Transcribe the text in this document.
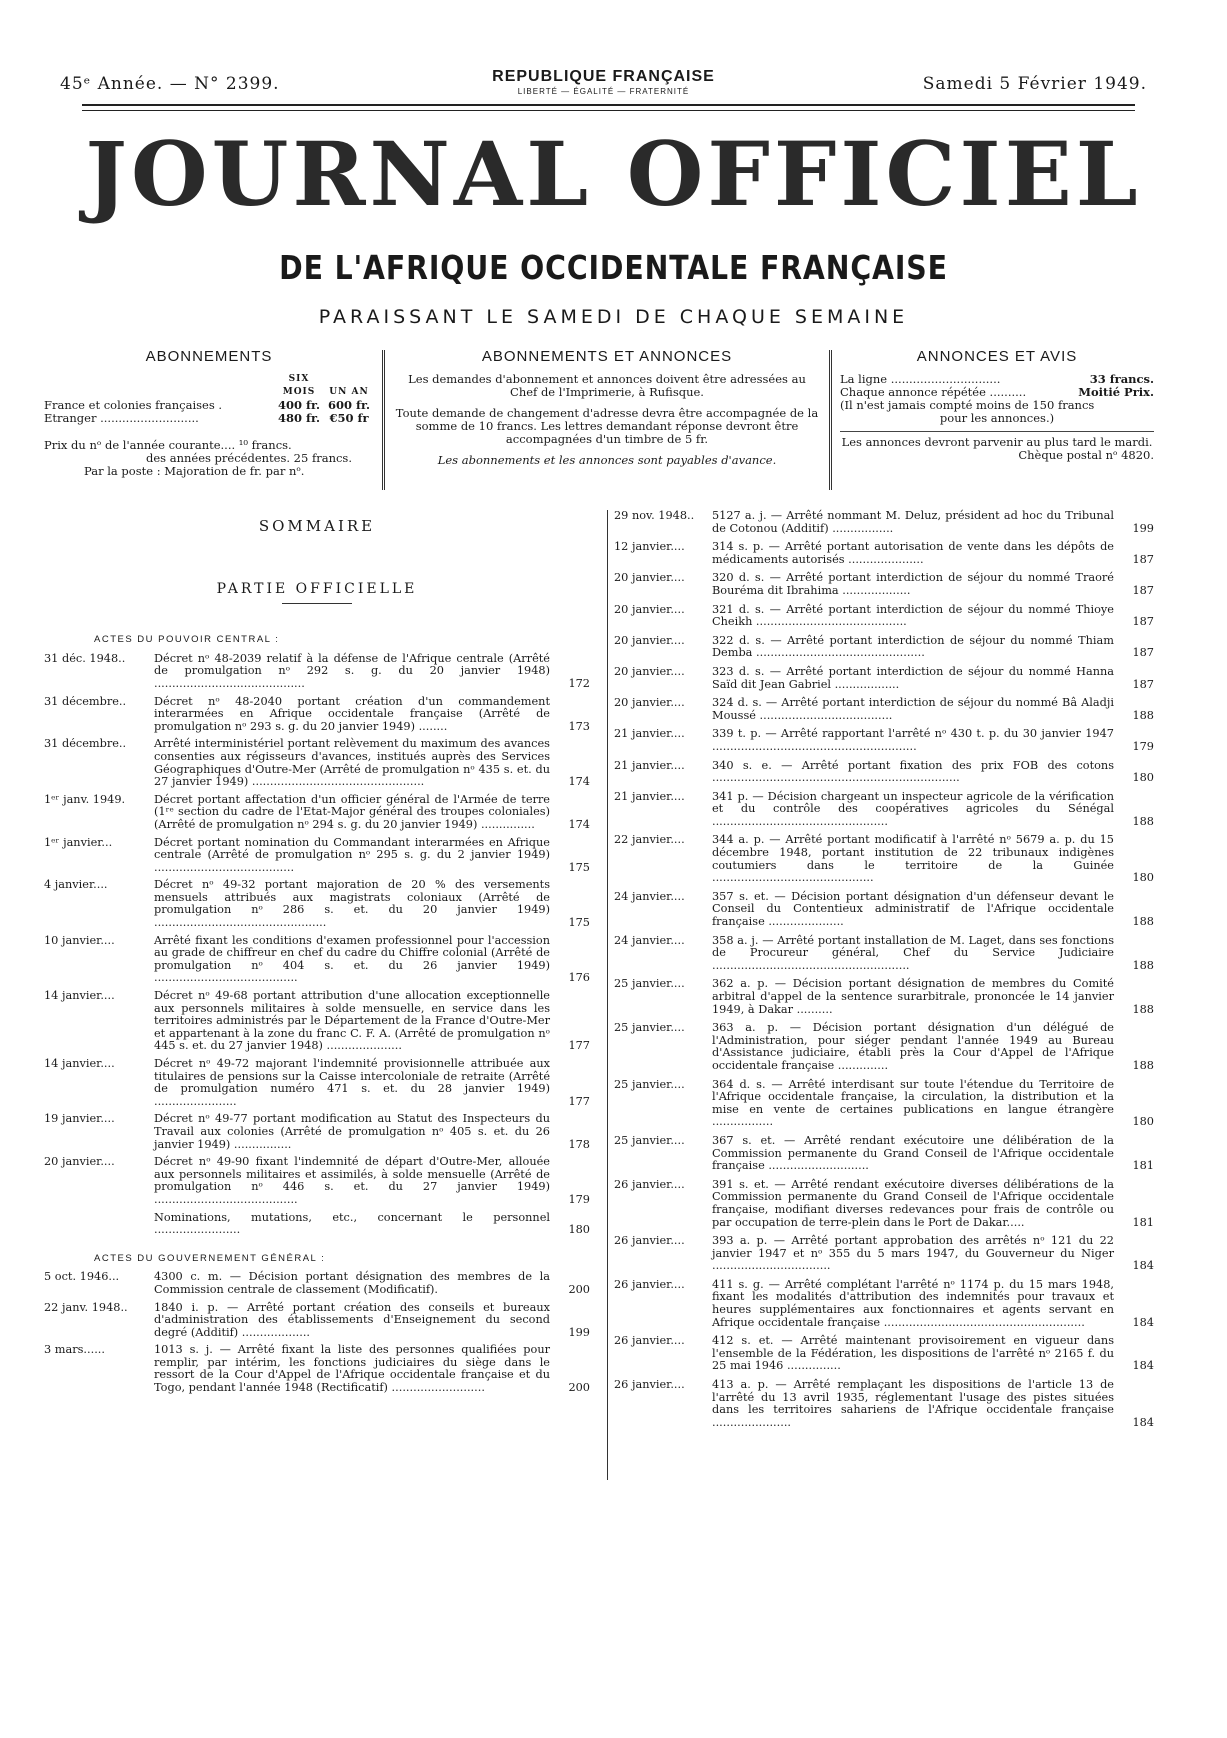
45ᵉ Année. — N° 2399.	REPUBLIQUE FRANÇAISE
LIBERTÉ — ÉGALITÉ — FRATERNITÉ	Samedi 5 Février 1949.
JOURNAL OFFICIEL
DE L'AFRIQUE OCCIDENTALE FRANÇAISE
PARAISSANT LE SAMEDI DE CHAQUE SEMAINE
ABONNEMENTS
SIX MOIS UN AN
France et colonies françaises .	400 fr. 600 fr.
Etranger ...........................	480 fr. €50 fr
Prix du nᵒ de l'année courante.... ¹⁰ francs.
des années précédentes. 25 francs.
Par la poste : Majoration de fr. par nᵒ.
ABONNEMENTS ET ANNONCES

Les demandes d'abonnement et annonces doivent être adressées au Chef de l'Imprimerie, à Rufisque.

Toute demande de changement d'adresse devra être accompagnée de la somme de 10 francs. Les lettres demandant réponse devront être accompagnées d'un timbre de 5 fr.

Les abonnements et les annonces sont payables d'avance.

ANNONCES ET AVIS
La ligne ..............................	33 francs.
Chaque annonce répétée ..........	Moitié Prix.
(Il n'est jamais compté moins de 150 francs
pour les annonces.)
Les annonces devront parvenir au plus tard le mardi.
Chèque postal nᵒ 4820.
SOMMAIRE
PARTIE OFFICIELLE
ACTES DU POUVOIR CENTRAL :
31 déc. 1948..	Décret nᵒ 48-2039 relatif à la défense de l'Afrique centrale (Arrêté de promulgation nᵒ 292 s. g. du 20 janvier 1948) ..........................................	172
31 décembre..	Décret nᵒ 48-2040 portant création d'un commandement interarmées en Afrique occidentale française (Arrêté de promulgation nᵒ 293 s. g. du 20 janvier 1949) ........	173
31 décembre..	Arrêté interministériel portant relèvement du maximum des avances consenties aux régisseurs d'avances, institués auprès des Services Géographiques d'Outre-Mer (Arrêté de promulgation nᵒ 435 s. et. du 27 janvier 1949) ................................................	174
1ᵉʳ janv. 1949.	Décret portant affectation d'un officier général de l'Armée de terre (1ʳᵉ section du cadre de l'Etat-Major général des troupes coloniales) (Arrêté de promulgation nᵒ 294 s. g. du 20 janvier 1949) ...............	174
1ᵉʳ janvier...	Décret portant nomination du Commandant interarmées en Afrique centrale (Arrêté de promulgation nᵒ 295 s. g. du 2 janvier 1949) .......................................	175
4 janvier....	Décret nᵒ 49-32 portant majoration de 20 % des versements mensuels attribués aux magistrats coloniaux (Arrêté de promulgation nᵒ 286 s. et. du 20 janvier 1949) ................................................	175
10 janvier....	Arrêté fixant les conditions d'examen professionnel pour l'accession au grade de chiffreur en chef du cadre du Chiffre colonial (Arrêté de promulgation nᵒ 404 s. et. du 26 janvier 1949) ........................................	176
14 janvier....	Décret nᵒ 49-68 portant attribution d'une allocation exceptionnelle aux personnels militaires à solde mensuelle, en service dans les territoires administrés par le Département de la France d'Outre-Mer et appartenant à la zone du franc C. F. A. (Arrêté de promulgation nᵒ 445 s. et. du 27 janvier 1948) .....................	177
14 janvier....	Décret nᵒ 49-72 majorant l'indemnité provisionnelle attribuée aux titulaires de pensions sur la Caisse intercoloniale de retraite (Arrêté de promulgation numéro 471 s. et. du 28 janvier 1949) .......................	177
19 janvier....	Décret nᵒ 49-77 portant modification au Statut des Inspecteurs du Travail aux colonies (Arrêté de promulgation nᵒ 405 s. et. du 26 janvier 1949) ................	178
20 janvier....	Décret nᵒ 49-90 fixant l'indemnité de départ d'Outre-Mer, allouée aux personnels militaires et assimilés, à solde mensuelle (Arrêté de promulgation nᵒ 446 s. et. du 27 janvier 1949) ........................................	179
Nominations, mutations, etc., concernant le personnel ........................	180
ACTES DU GOUVERNEMENT GÉNÉRAL :
5 oct. 1946...	4300 c. m. — Décision portant désignation des membres de la Commission centrale de classement (Modificatif).	200
22 janv. 1948..	1840 i. p. — Arrêté portant création des conseils et bureaux d'administration des établissements d'Enseignement du second degré (Additif) ...................	199
3 mars......	1013 s. j. — Arrêté fixant la liste des personnes qualifiées pour remplir, par intérim, les fonctions judiciaires du siège dans le ressort de la Cour d'Appel de l'Afrique occidentale française et du Togo, pendant l'année 1948 (Rectificatif) ..........................	200
29 nov. 1948..	5127 a. j. — Arrêté nommant M. Deluz, président ad hoc du Tribunal de Cotonou (Additif) .................	199
12 janvier....	314 s. p. — Arrêté portant autorisation de vente dans les dépôts de médicaments autorisés .....................	187
20 janvier....	320 d. s. — Arrêté portant interdiction de séjour du nommé Traoré Bouréma dit Ibrahima ...................	187
20 janvier....	321 d. s. — Arrêté portant interdiction de séjour du nommé Thioye Cheikh ..........................................	187
20 janvier....	322 d. s. — Arrêté portant interdiction de séjour du nommé Thiam Demba ...............................................	187
20 janvier....	323 d. s. — Arrêté portant interdiction de séjour du nommé Hanna Saïd dit Jean Gabriel ..................	187
20 janvier....	324 d. s. — Arrêté portant interdiction de séjour du nommé Bâ Aladji Moussé .....................................	188
21 janvier....	339 t. p. — Arrêté rapportant l'arrêté nᵒ 430 t. p. du 30 janvier 1947 .........................................................	179
21 janvier....	340 s. e. — Arrêté portant fixation des prix FOB des cotons .....................................................................	180
21 janvier....	341 p. — Décision chargeant un inspecteur agricole de la vérification et du contrôle des coopératives agricoles du Sénégal .................................................	188
22 janvier....	344 a. p. — Arrêté portant modificatif à l'arrêté nᵒ 5679 a. p. du 15 décembre 1948, portant institution de 22 tribunaux indigènes coutumiers dans le territoire de la Guinée .............................................	180
24 janvier....	357 s. et. — Décision portant désignation d'un défenseur devant le Conseil du Contentieux administratif de l'Afrique occidentale française .....................	188
24 janvier....	358 a. j. — Arrêté portant installation de M. Laget, dans ses fonctions de Procureur général, Chef du Service Judiciaire .......................................................	188
25 janvier....	362 a. p. — Décision portant désignation de membres du Comité arbitral d'appel de la sentence surarbitrale, prononcée le 14 janvier 1949, à Dakar ..........	188
25 janvier....	363 a. p. — Décision portant désignation d'un délégué de l'Administration, pour siéger pendant l'année 1949 au Bureau d'Assistance judiciaire, établi près la Cour d'Appel de l'Afrique occidentale française ..............	188
25 janvier....	364 d. s. — Arrêté interdisant sur toute l'étendue du Territoire de l'Afrique occidentale française, la circulation, la distribution et la mise en vente de certaines publications en langue étrangère .................	180
25 janvier....	367 s. et. — Arrêté rendant exécutoire une délibération de la Commission permanente du Grand Conseil de l'Afrique occidentale française ............................	181
26 janvier....	391 s. et. — Arrêté rendant exécutoire diverses délibérations de la Commission permanente du Grand Conseil de l'Afrique occidentale française, modifiant diverses redevances pour frais de contrôle ou par occupation de terre-plein dans le Port de Dakar.....	181
26 janvier....	393 a. p. — Arrêté portant approbation des arrêtés nᵒ 121 du 22 janvier 1947 et nᵒ 355 du 5 mars 1947, du Gouverneur du Niger .................................	184
26 janvier....	411 s. g. — Arrêté complétant l'arrêté nᵒ 1174 p. du 15 mars 1948, fixant les modalités d'attribution des indemnités pour travaux et heures supplémentaires aux fonctionnaires et agents servant en Afrique occidentale française ........................................................	184
26 janvier....	412 s. et. — Arrêté maintenant provisoirement en vigueur dans l'ensemble de la Fédération, les dispositions de l'arrêté nᵒ 2165 f. du 25 mai 1946 ...............	184
26 janvier....	413 a. p. — Arrêté remplaçant les dispositions de l'article 13 de l'arrêté du 13 avril 1935, réglementant l'usage des pistes situées dans les territoires sahariens de l'Afrique occidentale française ......................	184
